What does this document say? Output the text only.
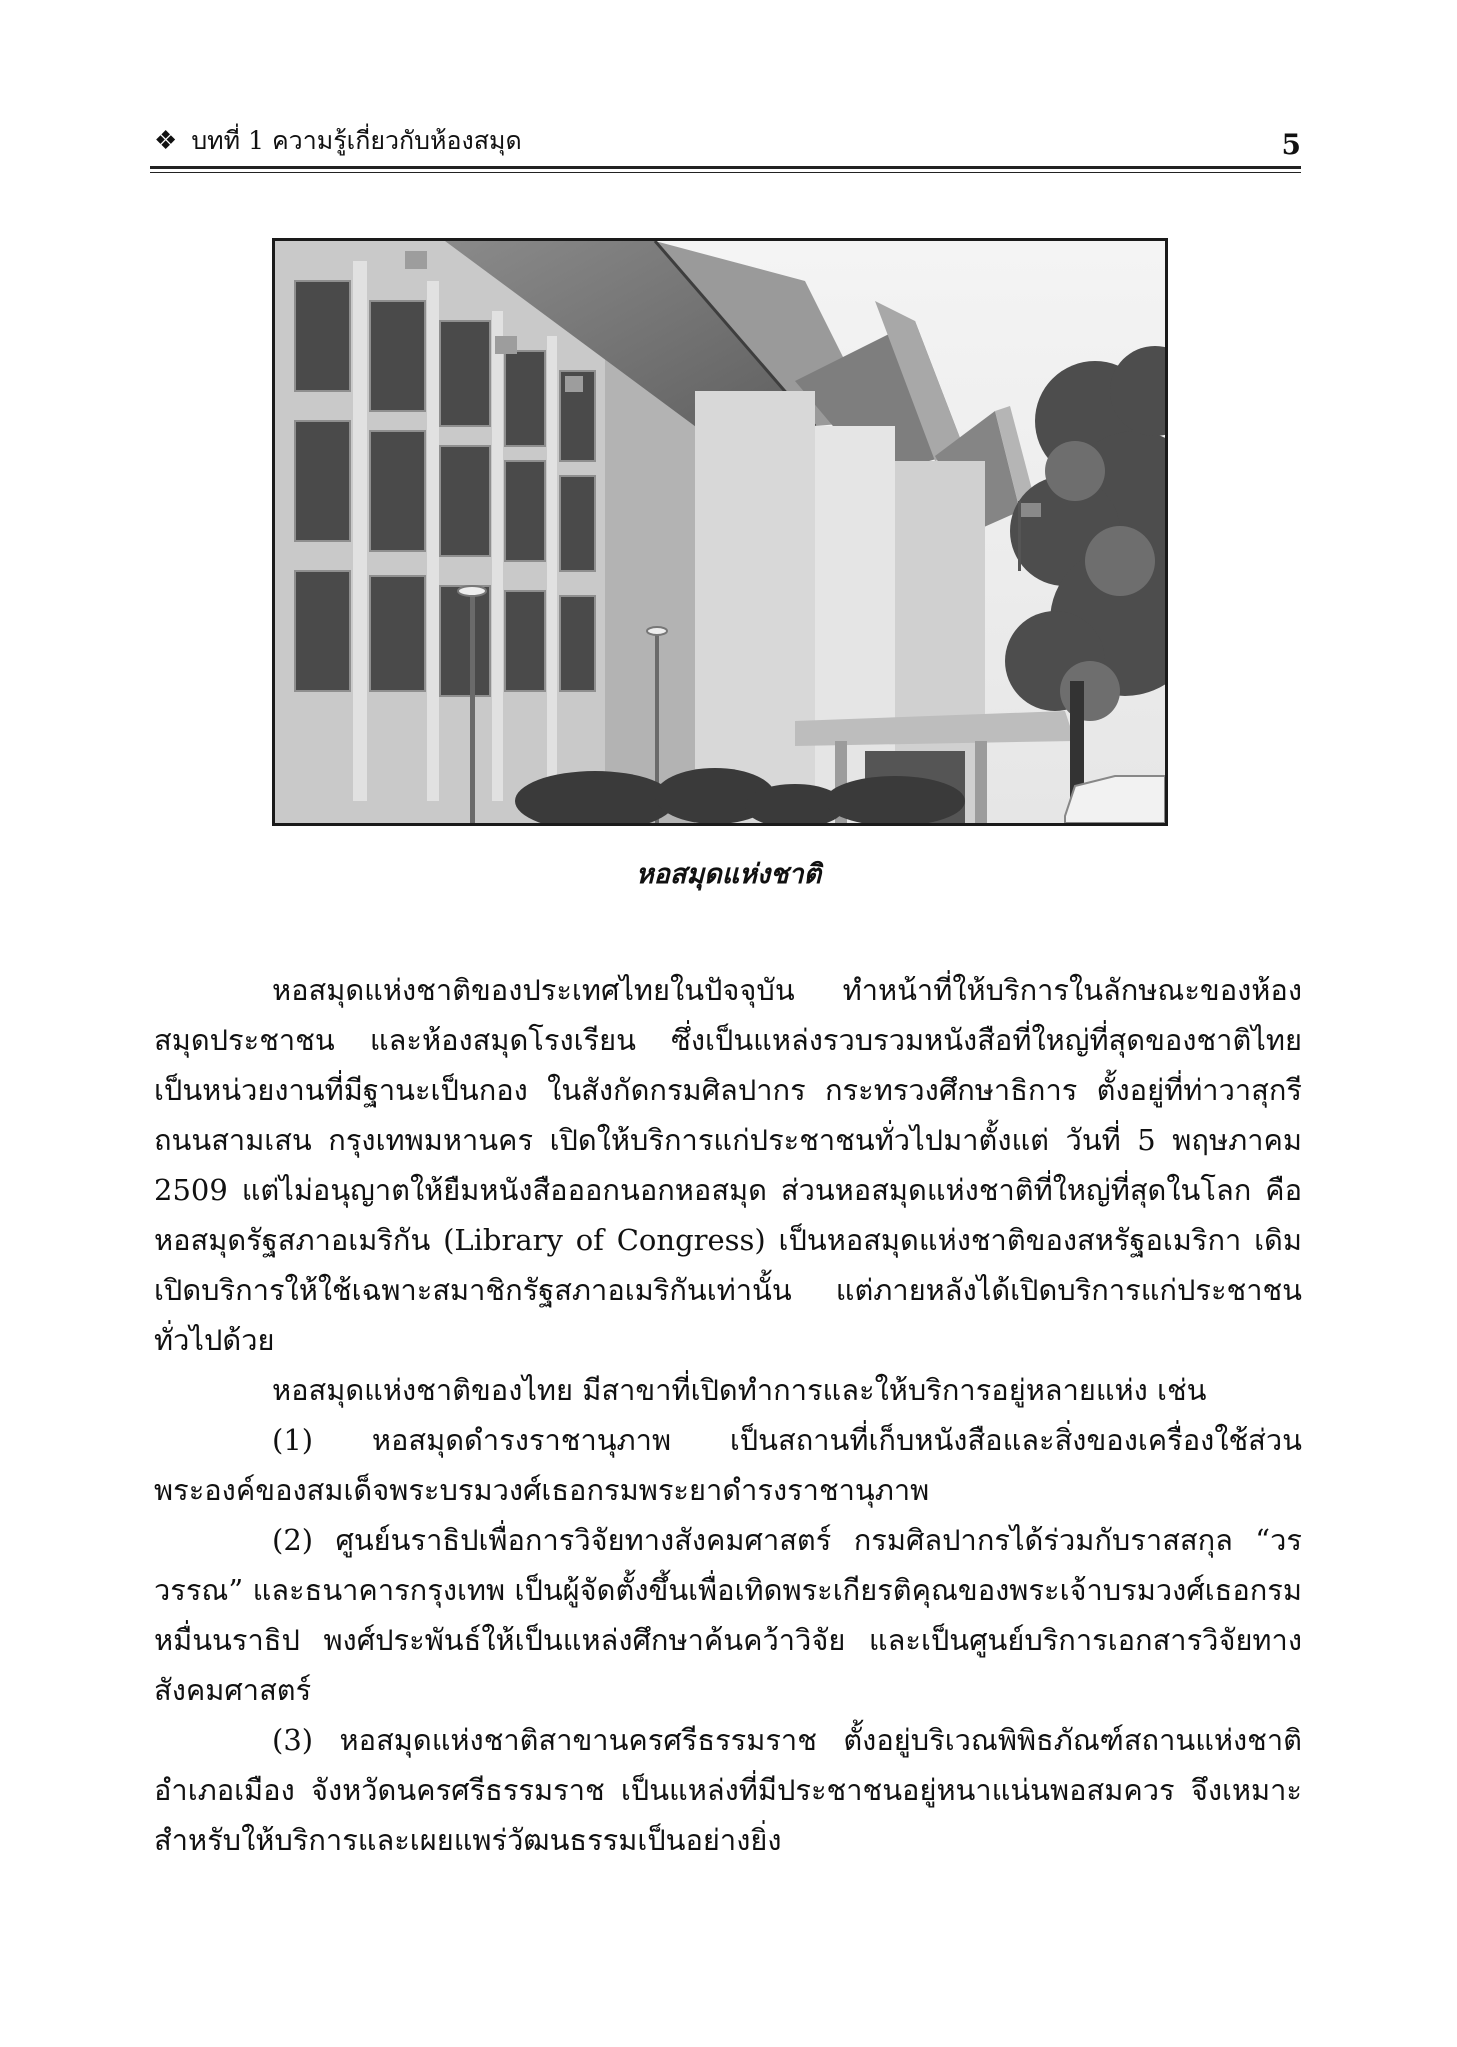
❖ บทที่ 1 ความรู้เกี่ยวกับห้องสมุด	5
หอสมุดแห่งชาติ

หอสมุดแห่งชาติของประเทศไทยในปัจจุบัน ทำหน้าที่ให้บริการในลักษณะของห้องสมุดประชาชน และห้องสมุดโรงเรียน ซึ่งเป็นแหล่งรวบรวมหนังสือที่ใหญ่ที่สุดของชาติไทย เป็นหน่วยงานที่มีฐานะเป็นกอง ในสังกัดกรมศิลปากร กระทรวงศึกษาธิการ ตั้งอยู่ที่ท่าวาสุกรี ถนนสามเสน กรุงเทพมหานคร เปิดให้บริการแก่ประชาชนทั่วไปมาตั้งแต่ วันที่ 5 พฤษภาคม 2509 แต่ไม่อนุญาตให้ยืมหนังสือออกนอกหอสมุด ส่วนหอสมุดแห่งชาติที่ใหญ่ที่สุดในโลก คือ หอสมุดรัฐสภาอเมริกัน (Library of Congress) เป็นหอสมุดแห่งชาติของสหรัฐอเมริกา เดิมเปิดบริการให้ใช้เฉพาะสมาชิกรัฐสภาอเมริกันเท่านั้น แต่ภายหลังได้เปิดบริการแก่ประชาชนทั่วไปด้วย

หอสมุดแห่งชาติของไทย มีสาขาที่เปิดทำการและให้บริการอยู่หลายแห่ง เช่น

(1) หอสมุดดำรงราชานุภาพ เป็นสถานที่เก็บหนังสือและสิ่งของเครื่องใช้ส่วนพระองค์ของสมเด็จพระบรมวงศ์เธอกรมพระยาดำรงราชานุภาพ

(2) ศูนย์นราธิปเพื่อการวิจัยทางสังคมศาสตร์ กรมศิลปากรได้ร่วมกับราสสกุล “วรวรรณ” และธนาคารกรุงเทพ เป็นผู้จัดตั้งขึ้นเพื่อเทิดพระเกียรติคุณของพระเจ้าบรมวงศ์เธอกรมหมื่นนราธิป พงศ์ประพันธ์ให้เป็นแหล่งศึกษาค้นคว้าวิจัย และเป็นศูนย์บริการเอกสารวิจัยทางสังคมศาสตร์

(3) หอสมุดแห่งชาติสาขานครศรีธรรมราช ตั้งอยู่บริเวณพิพิธภัณฑ์สถานแห่งชาติ อำเภอเมือง จังหวัดนครศรีธรรมราช เป็นแหล่งที่มีประชาชนอยู่หนาแน่นพอสมควร จึงเหมาะสำหรับให้บริการและเผยแพร่วัฒนธรรมเป็นอย่างยิ่ง
